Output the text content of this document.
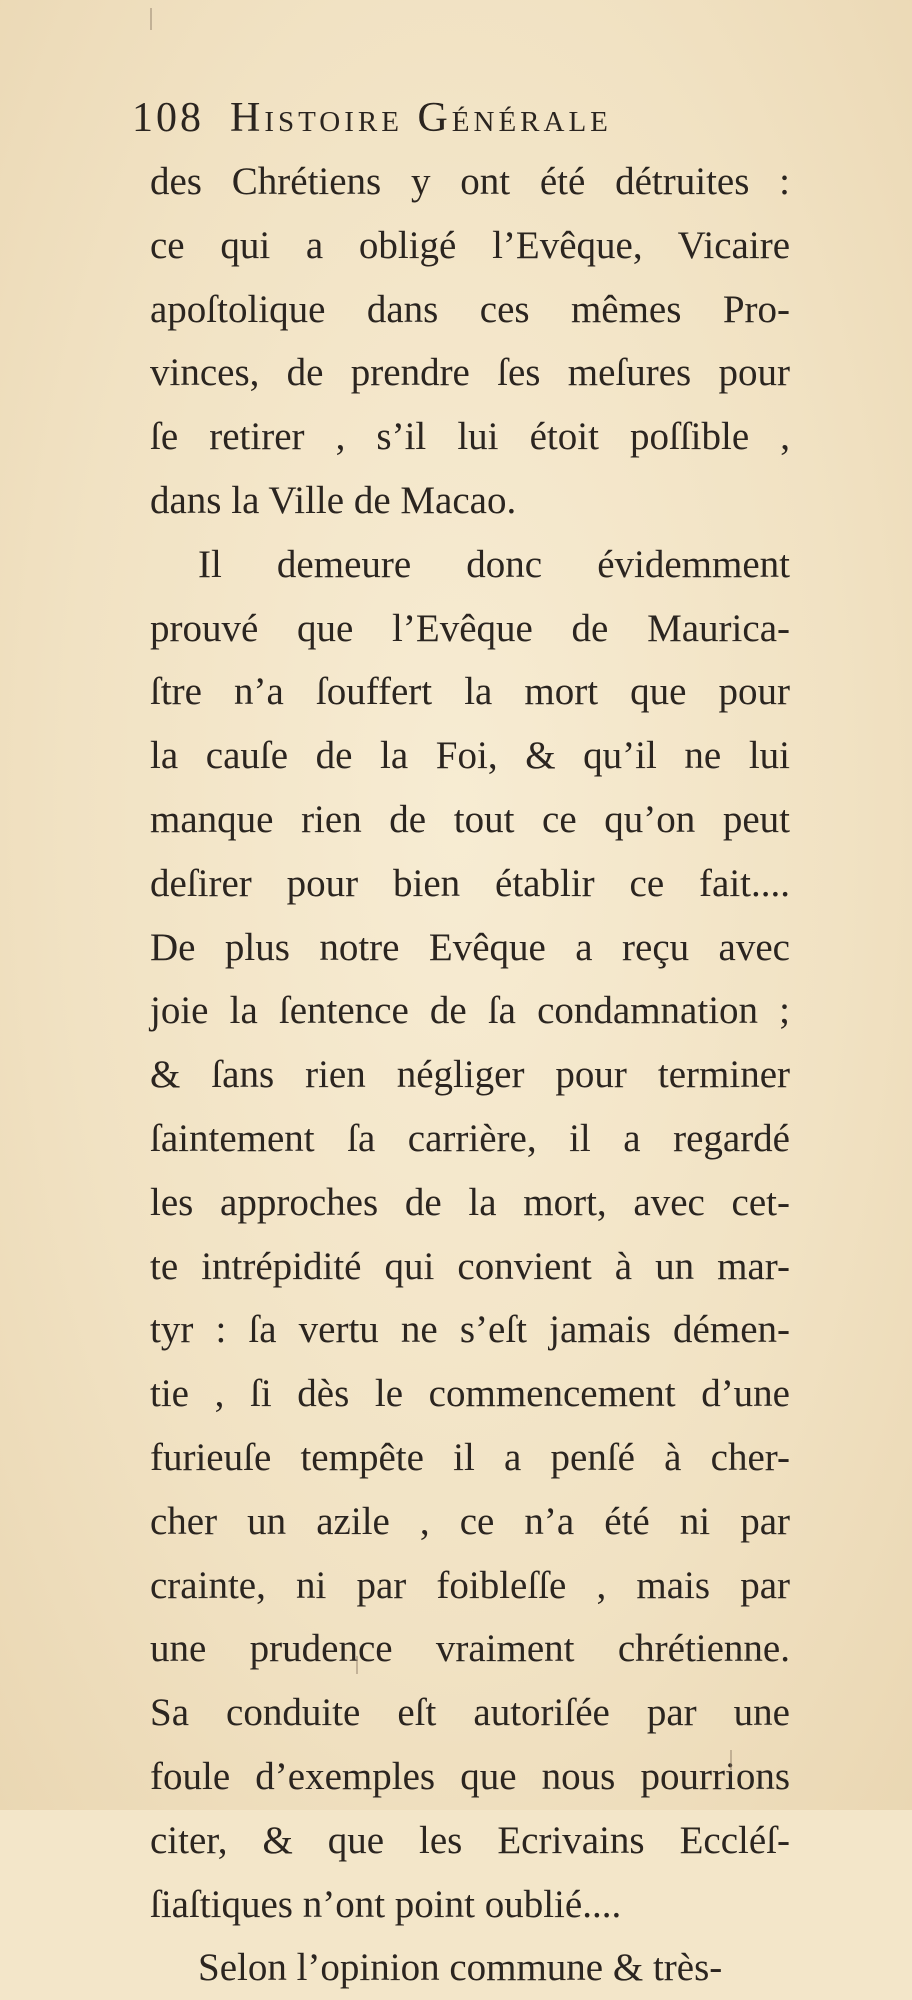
108 Histoire Générale
des Chrétiens y ont été détruites :
ce qui a obligé l’Evêque, Vicaire
apoſtolique dans ces mêmes Pro-
vinces, de prendre ſes meſures pour
ſe retirer , s’il lui étoit poſſible ,
dans la Ville de Macao.
Il demeure donc évidemment
prouvé que l’Evêque de Maurica-
ſtre n’a ſouffert la mort que pour
la cauſe de la Foi, & qu’il ne lui
manque rien de tout ce qu’on peut
deſirer pour bien établir ce fait....
De plus notre Evêque a reçu avec
joie la ſentence de ſa condamnation ;
& ſans rien négliger pour terminer
ſaintement ſa carrière, il a regardé
les approches de la mort, avec cet-
te intrépidité qui convient à un mar-
tyr : ſa vertu ne s’eſt jamais démen-
tie , ſi dès le commencement d’une
furieuſe tempête il a penſé à cher-
cher un azile , ce n’a été ni par
crainte, ni par foibleſſe , mais par
une prudence vraiment chrétienne.
Sa conduite eſt autoriſée par une
foule d’exemples que nous pourrions
citer, & que les Ecrivains Eccléſ-
ſiaſtiques n’ont point oublié....
Selon l’opinion commune & très-
